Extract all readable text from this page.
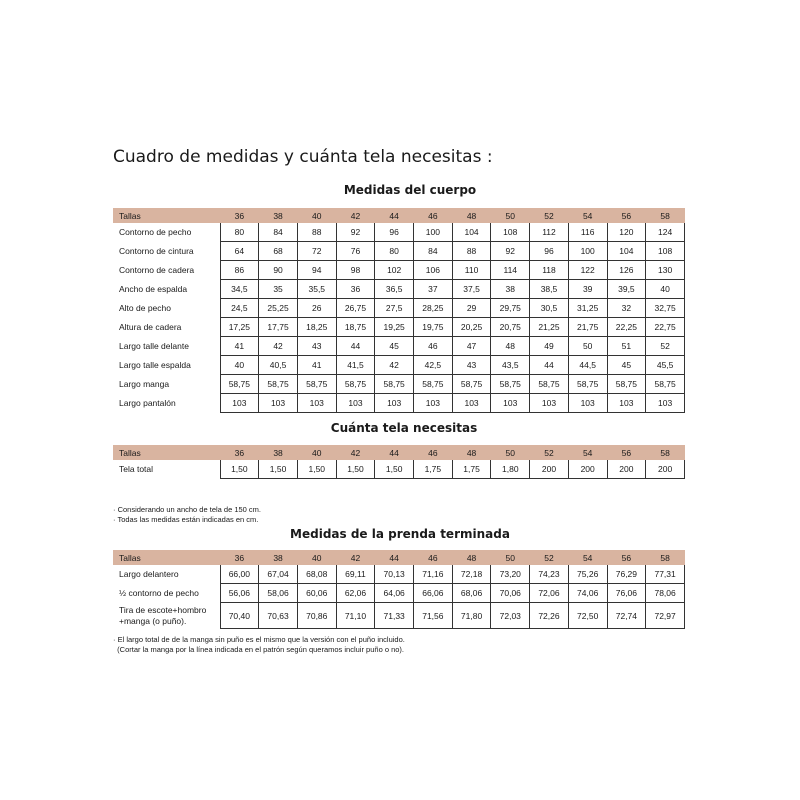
Cuadro de medidas y cuánta tela necesitas :
Medidas del cuerpo
Tallas	36	38	40	42	44	46	48	50	52	54	56	58
Contorno de pecho	80	84	88	92	96	100	104	108	112	116	120	124
Contorno de cintura	64	68	72	76	80	84	88	92	96	100	104	108
Contorno de cadera	86	90	94	98	102	106	110	114	118	122	126	130
Ancho de espalda	34,5	35	35,5	36	36,5	37	37,5	38	38,5	39	39,5	40
Alto de pecho	24,5	25,25	26	26,75	27,5	28,25	29	29,75	30,5	31,25	32	32,75
Altura de cadera	17,25	17,75	18,25	18,75	19,25	19,75	20,25	20,75	21,25	21,75	22,25	22,75
Largo talle delante	41	42	43	44	45	46	47	48	49	50	51	52
Largo talle espalda	40	40,5	41	41,5	42	42,5	43	43,5	44	44,5	45	45,5
Largo manga	58,75	58,75	58,75	58,75	58,75	58,75	58,75	58,75	58,75	58,75	58,75	58,75
Largo pantalón	103	103	103	103	103	103	103	103	103	103	103	103
Cuánta tela necesitas
Tallas	36	38	40	42	44	46	48	50	52	54	56	58
Tela total	1,50	1,50	1,50	1,50	1,50	1,75	1,75	1,80	200	200	200	200
· Considerando un ancho de tela de 150 cm.
· Todas las medidas están indicadas en cm.
Medidas de la prenda terminada
Tallas	36	38	40	42	44	46	48	50	52	54	56	58
Largo delantero	66,00	67,04	68,08	69,11	70,13	71,16	72,18	73,20	74,23	75,26	76,29	77,31
½ contorno de pecho	56,06	58,06	60,06	62,06	64,06	66,06	68,06	70,06	72,06	74,06	76,06	78,06
Tira de escote+hombro +manga (o puño).	70,40	70,63	70,86	71,10	71,33	71,56	71,80	72,03	72,26	72,50	72,74	72,97
· El largo total de de la manga sin puño es el mismo que la versión con el puño incluido.
(Cortar la manga por la línea indicada en el patrón según queramos incluir puño o no).
